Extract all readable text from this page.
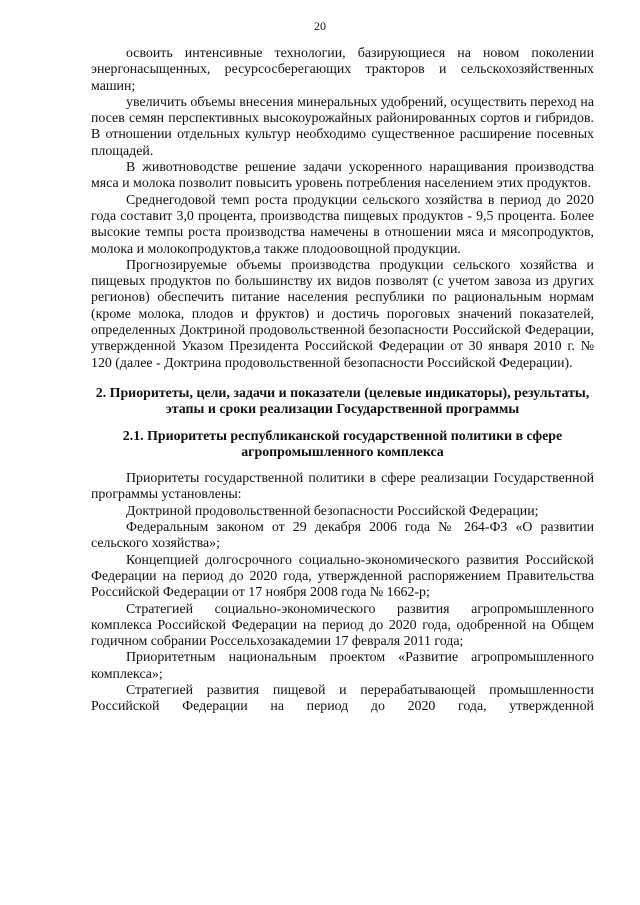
20

освоить интенсивные технологии, базирующиеся на новом поколении энергонасыщенных, ресурсосберегающих тракторов и сельскохозяйственных машин;

увеличить объемы внесения минеральных удобрений, осуществить переход на посев семян перспективных высокоурожайных районированных сортов и гибридов. В отношении отдельных культур необходимо существенное расширение посевных площадей.

В животноводстве решение задачи ускоренного наращивания производства мяса и молока позволит повысить уровень потребления населением этих продуктов.

Среднегодовой темп роста продукции сельского хозяйства в период до 2020 года составит 3,0 процента, производства пищевых продуктов - 9,5 процента. Более высокие темпы роста производства намечены в отношении мяса и мясопродуктов, молока и молокопродуктов,а также плодоовощной продукции.

Прогнозируемые объемы производства продукции сельского хозяйства и пищевых продуктов по большинству их видов позволят (с учетом завоза из других регионов) обеспечить питание населения республики по рациональным нормам (кроме молока, плодов и фруктов) и достичь пороговых значений показателей, определенных Доктриной продовольственной безопасности Российской Федерации, утвержденной Указом Президента Российской Федерации от 30 января 2010 г. № 120 (далее - Доктрина продовольственной безопасности Российской Федерации).

2. Приоритеты, цели, задачи и показатели (целевые индикаторы), результаты, этапы и сроки реализации Государственной программы
2.1. Приоритеты республиканской государственной политики в сфере агропромышленного комплекса

Приоритеты государственной политики в сфере реализации Государственной программы установлены:

Доктриной продовольственной безопасности Российской Федерации;

Федеральным законом от 29 декабря 2006 года № 264-ФЗ «О развитии сельского хозяйства»;

Концепцией долгосрочного социально-экономического развития Российской Федерации на период до 2020 года, утвержденной распоряжением Правительства Российской Федерации от 17 ноября 2008 года № 1662-р;

Стратегией социально-экономического развития агропромышленного комплекса Российской Федерации на период до 2020 года, одобренной на Общем годичном собрании Россельхозакадемии 17 февраля 2011 года;

Приоритетным национальным проектом «Развитие агропромышленного комплекса»;

Стратегией развития пищевой и перерабатывающей промышленности Российской Федерации на период до 2020 года, утвержденной
